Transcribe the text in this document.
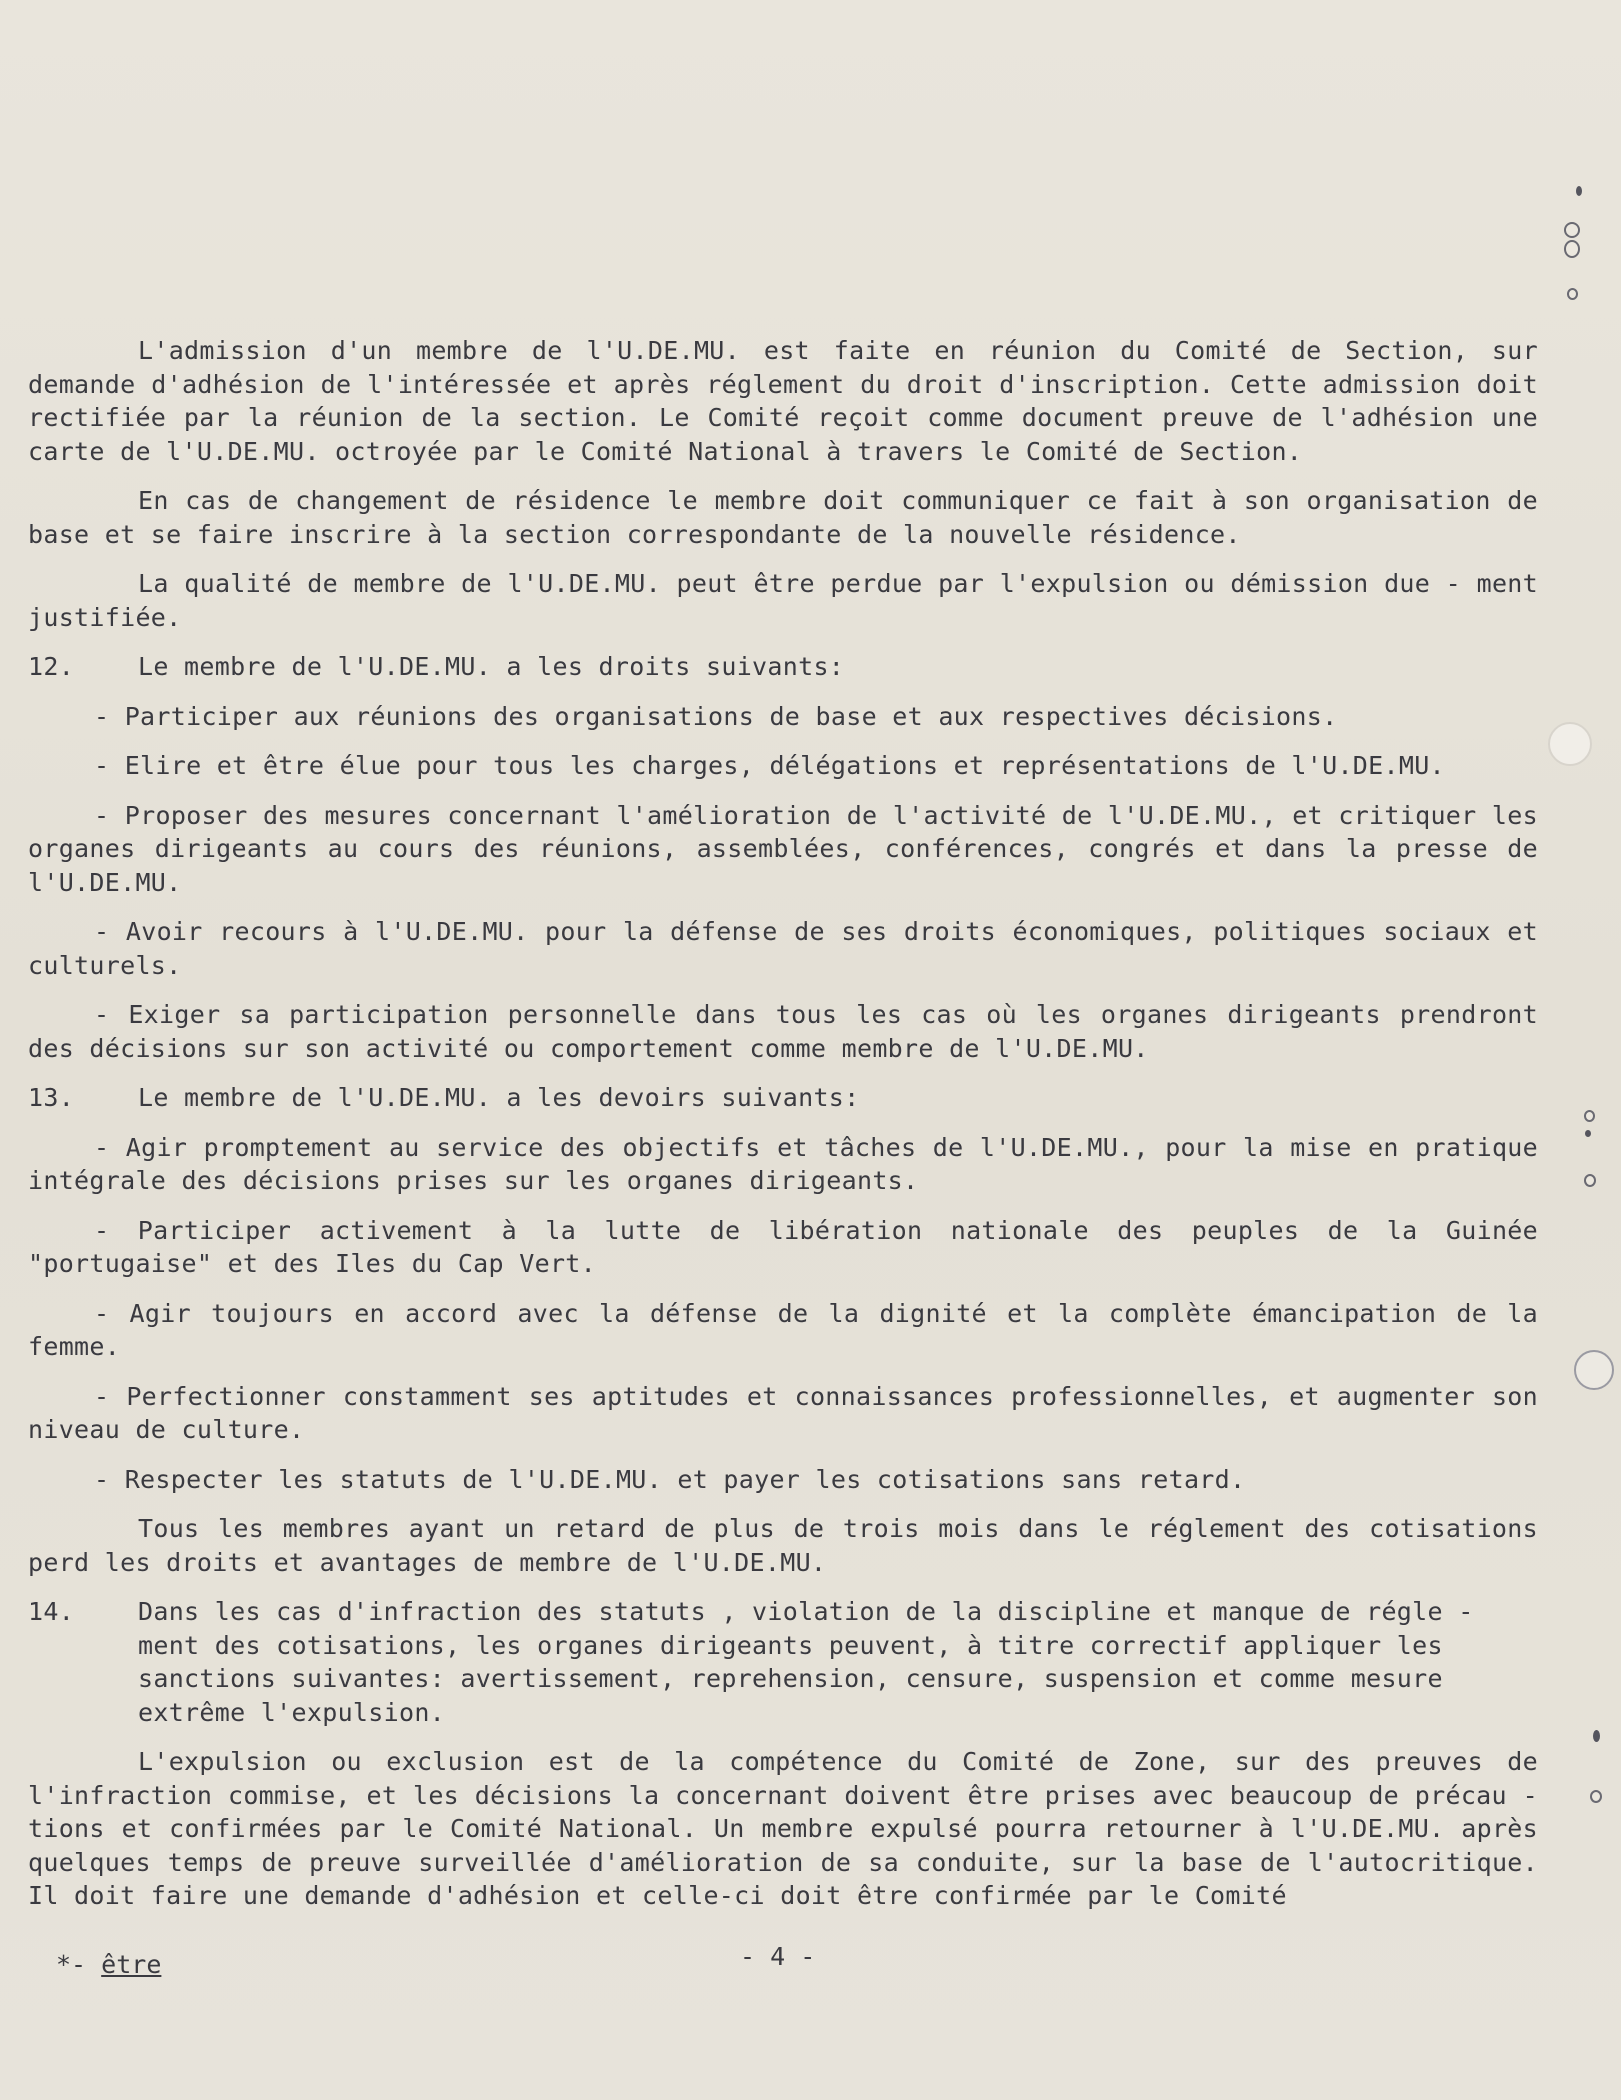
L'admission d'un membre de l'U.DE.MU. est faite en réunion du Comité de Section, sur demande d'adhésion de l'intéressée et après réglement du droit d'inscription. Cette admission doit rectifiée par la réunion de la section. Le Comité reçoit comme document preuve de l'adhésion une carte de l'U.DE.MU. octroyée par le Comité National à travers le Comité de Section.

En cas de changement de résidence le membre doit communiquer ce fait à son organisation de base et se faire inscrire à la section correspondante de la nouvelle résidence.

La qualité de membre de l'U.DE.MU. peut être perdue par l'expulsion ou démission due - ment justifiée.

12.	Le membre de l'U.DE.MU. a les droits suivants:

- Participer aux réunions des organisations de base et aux respectives décisions.

- Elire et être élue pour tous les charges, délégations et représentations de l'U.DE.MU.

- Proposer des mesures concernant l'amélioration de l'activité de l'U.DE.MU., et critiquer les organes dirigeants au cours des réunions, assemblées, conférences, congrés et dans la presse de l'U.DE.MU.

- Avoir recours à l'U.DE.MU. pour la défense de ses droits économiques, politiques sociaux et culturels.

- Exiger sa participation personnelle dans tous les cas où les organes dirigeants prendront des décisions sur son activité ou comportement comme membre de l'U.DE.MU.

13.	Le membre de l'U.DE.MU. a les devoirs suivants:

- Agir promptement au service des objectifs et tâches de l'U.DE.MU., pour la mise en pratique intégrale des décisions prises sur les organes dirigeants.

- Participer activement à la lutte de libération nationale des peuples de la Guinée "portugaise" et des Iles du Cap Vert.

- Agir toujours en accord avec la défense de la dignité et la complète émancipation de la femme.

- Perfectionner constamment ses aptitudes et connaissances professionnelles, et augmenter son niveau de culture.

- Respecter les statuts de l'U.DE.MU. et payer les cotisations sans retard.

Tous les membres ayant un retard de plus de trois mois dans le réglement des cotisations perd les droits et avantages de membre de l'U.DE.MU.

14.	Dans les cas d'infraction des statuts , violation de la discipline et manque de régle - ment des cotisations, les organes dirigeants peuvent, à titre correctif appliquer les sanctions suivantes: avertissement, reprehension, censure, suspension et comme mesure extrême l'expulsion.

L'expulsion ou exclusion est de la compétence du Comité de Zone, sur des preuves de l'infraction commise, et les décisions la concernant doivent être prises avec beaucoup de précau - tions et confirmées par le Comité National. Un membre expulsé pourra retourner à l'U.DE.MU. après quelques temps de preuve surveillée d'amélioration de sa conduite, sur la base de l'autocritique. Il doit faire une demande d'adhésion et celle-ci doit être confirmée par le Comité

*- être	- 4 -
